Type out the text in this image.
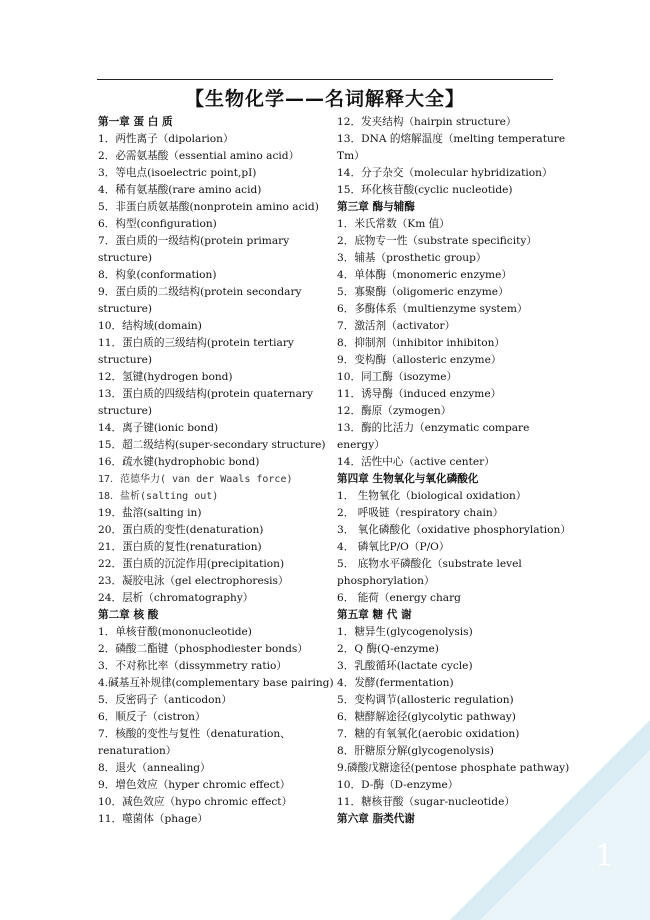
【生物化学——名词解释大全】
第一章 蛋 白 质
1．两性离子（dipolarion）
2．必需氨基酸（essential amino acid）
3．等电点(isoelectric point,pI)
4．稀有氨基酸(rare amino acid)
5．非蛋白质氨基酸(nonprotein amino acid)
6．构型(configuration)
7．蛋白质的一级结构(protein primary
structure)
8．构象(conformation)
9．蛋白质的二级结构(protein secondary
structure)
10．结构域(domain)
11．蛋白质的三级结构(protein tertiary
structure)
12．氢键(hydrogen bond)
13．蛋白质的四级结构(protein quaternary
structure)
14．离子键(ionic bond)
15．超二级结构(super-secondary structure)
16．疏水键(hydrophobic bond)
17．范德华力( van der Waals force)
18．盐析(salting out)
19．盐溶(salting in)
20．蛋白质的变性(denaturation)
21．蛋白质的复性(renaturation)
22．蛋白质的沉淀作用(precipitation)
23．凝胶电泳（gel electrophoresis）
24．层析（chromatography）
第二章 核 酸
1．单核苷酸(mononucleotide)
2．磷酸二酯键（phosphodiester bonds）
3．不对称比率（dissymmetry ratio）
4.碱基互补规律(complementary base pairing)
5．反密码子（anticodon）
6．顺反子（cistron）
7．核酸的变性与复性（denaturation、
renaturation）
8．退火（annealing）
9．增色效应（hyper chromic effect）
10．减色效应（hypo chromic effect）
11．噬菌体（phage）
12．发夹结构（hairpin structure）
13．DNA 的熔解温度（melting temperature
Tm）
14．分子杂交（molecular hybridization）
15．环化核苷酸(cyclic nucleotide)
第三章 酶与辅酶
1．米氏常数（Km 值）
2．底物专一性（substrate specificity）
3．辅基（prosthetic group）
4．单体酶（monomeric enzyme）
5．寡聚酶（oligomeric enzyme）
6．多酶体系（multienzyme system）
7．激活剂（activator）
8．抑制剂（inhibitor inhibiton）
9．变构酶（allosteric enzyme）
10．同工酶（isozyme）
11．诱导酶（induced enzyme）
12．酶原（zymogen）
13．酶的比活力（enzymatic compare
energy）
14．活性中心（active center）
第四章 生物氧化与氧化磷酸化
1． 生物氧化（biological oxidation）
2． 呼吸链（respiratory chain）
3． 氧化磷酸化（oxidative phosphorylation）
4． 磷氧比P/O（P/O）
5． 底物水平磷酸化（substrate level
phosphorylation）
6． 能荷（energy charg
第五章 糖 代 谢
1．糖异生(glycogenolysis)
2．Q 酶(Q-enzyme)
3．乳酸循环(lactate cycle)
4．发酵(fermentation)
5．变构调节(allosteric regulation)
6．糖酵解途径(glycolytic pathway)
7．糖的有氧氧化(aerobic oxidation)
8．肝糖原分解(glycogenolysis)
9.磷酸戊糖途径(pentose phosphate pathway)
10．D-酶（D-enzyme）
11．糖核苷酸（sugar-nucleotide）
第六章 脂类代谢
1
